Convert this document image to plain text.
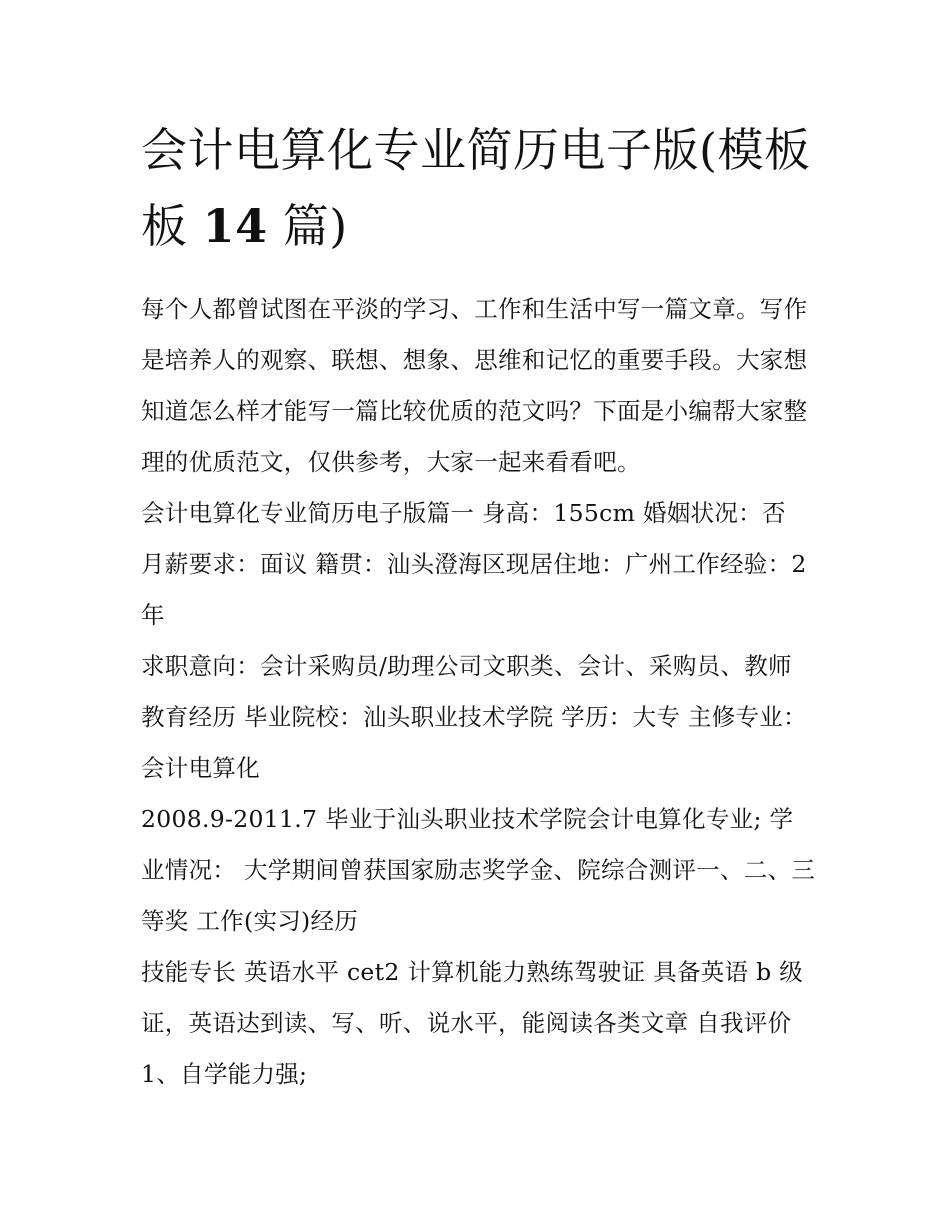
会计电算化专业简历电子版(模板
板 14 篇)

每个人都曾试图在平淡的学习、工作和生活中写一篇文章。写作是培养人的观察、联想、想象、思维和记忆的重要手段。大家想知道怎么样才能写一篇比较优质的范文吗？下面是小编帮大家整理的优质范文，仅供参考，大家一起来看看吧。

会计电算化专业简历电子版篇一 身高：155cm 婚姻状况：否 月薪要求：面议 籍贯：汕头澄海区现居住地：广州工作经验：2 年

求职意向：会计采购员/助理公司文职类、会计、采购员、教师 教育经历 毕业院校：汕头职业技术学院 学历：大专 主修专业：会计电算化

2008.9-2011.7 毕业于汕头职业技术学院会计电算化专业; 学业情况： 大学期间曾获国家励志奖学金、院综合测评一、二、三等奖 工作(实习)经历

技能专长 英语水平 cet2 计算机能力熟练驾驶证 具备英语 b 级证，英语达到读、写、听、说水平，能阅读各类文章 自我评价 1、自学能力强;
